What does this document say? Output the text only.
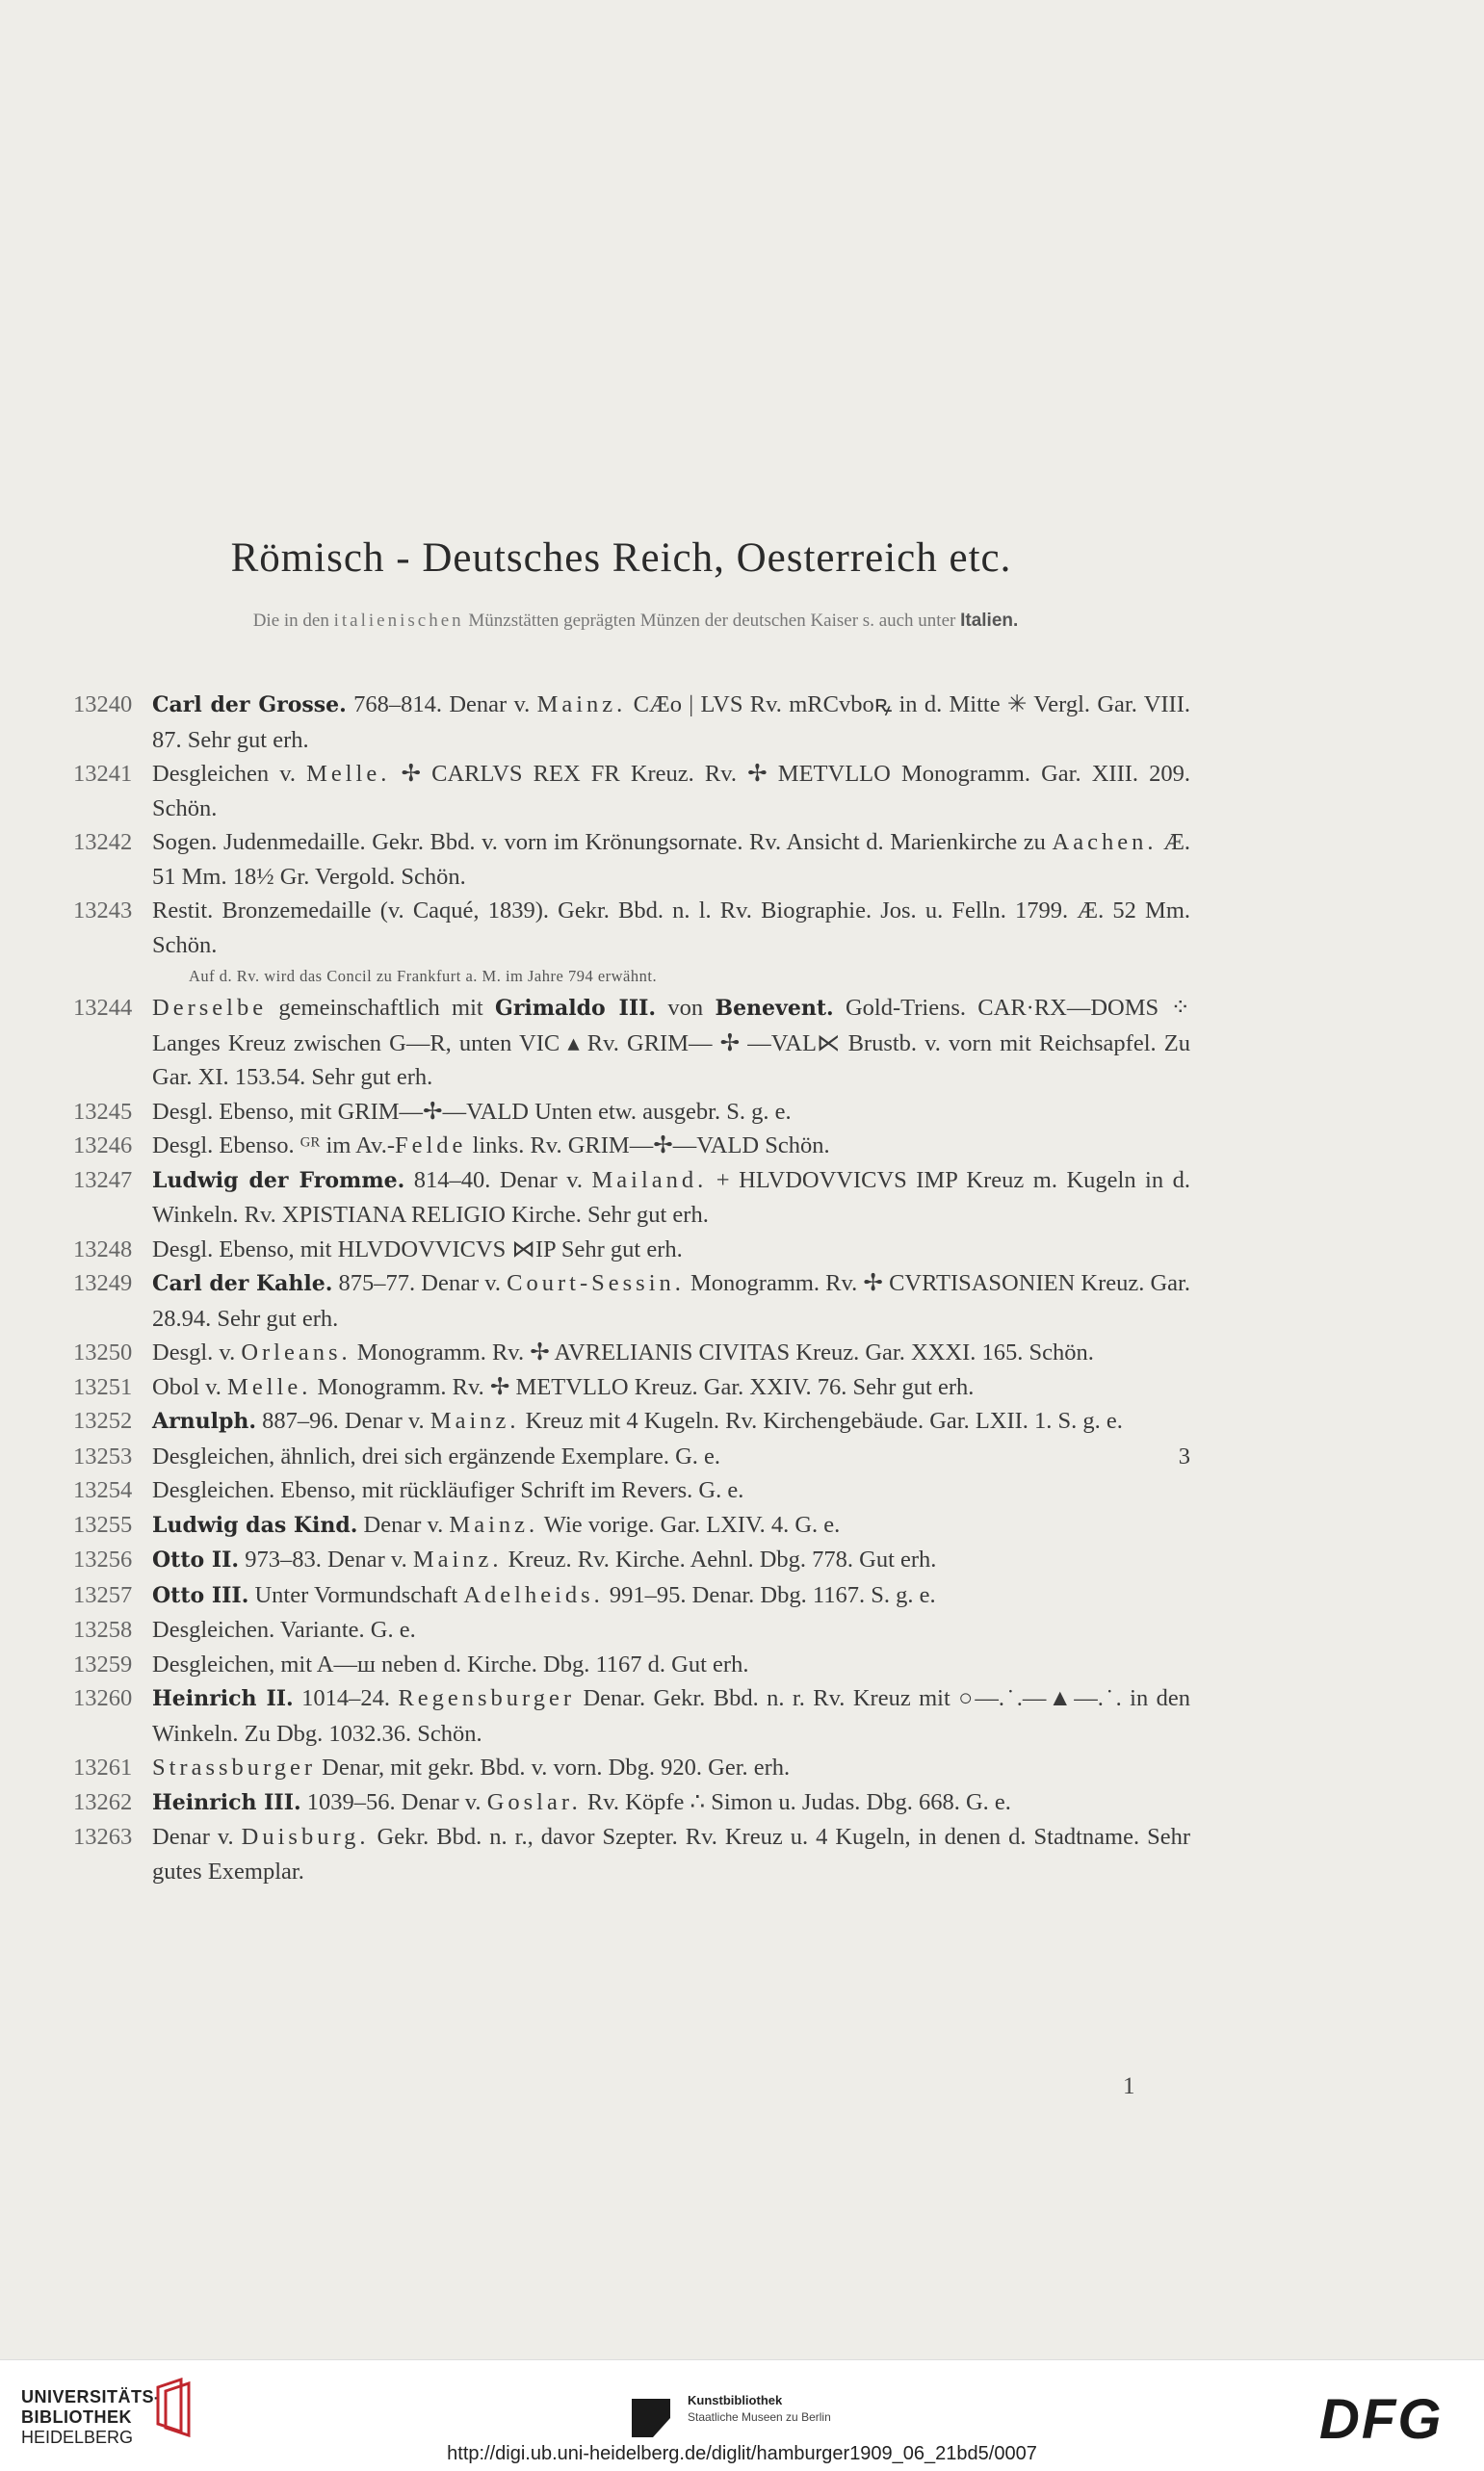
Römisch - Deutsches Reich, Oesterreich etc.
Die in den italienischen Münzstätten geprägten Münzen der deutschen Kaiser s. auch unter Italien.
13240 Carl der Grosse. 768–814. Denar v. Mainz. CÆo | LVS Rv. mRCvboꝶ in d. Mitte ✳ Vergl. Gar. VIII. 87. Sehr gut erh.
13241 Desgleichen v. Melle. ✢ CARLVS REX FR Kreuz. Rv. ✢ METVLLO Monogramm. Gar. XIII. 209. Schön.
13242 Sogen. Judenmedaille. Gekr. Bbd. v. vorn im Krönungsornate. Rv. Ansicht d. Marienkirche zu Aachen. Æ. 51 Mm. 18½ Gr. Vergold. Schön.
13243 Restit. Bronzemedaille (v. Caqué, 1839). Gekr. Bbd. n. l. Rv. Biographie. Jos. u. Felln. 1799. Æ. 52 Mm. Schön.
Auf d. Rv. wird das Concil zu Frankfurt a. M. im Jahre 794 erwähnt.
13244 Derselbe gemeinschaftlich mit Grimaldo III. von Benevent. Gold-Triens. CAR·RX—DOMS ⁘ Langes Kreuz zwischen G—R, unten VIC ▴ Rv. GRIM— ✢ —VAL⋉ Brustb. v. vorn mit Reichsapfel. Zu Gar. XI. 153.54. Sehr gut erh.
13245 Desgl. Ebenso, mit GRIM—✢—VALD Unten etw. ausgebr. S. g. e.
13246 Desgl. Ebenso. ᴳᴿ im Av.-Felde links. Rv. GRIM—✢—VALD Schön.
13247 Ludwig der Fromme. 814–40. Denar v. Mailand. + HLVDOVVICVS IMP Kreuz m. Kugeln in d. Winkeln. Rv. XPISTIANA RELIGIO Kirche. Sehr gut erh.
13248 Desgl. Ebenso, mit HLVDOVVICVS ⋈IP Sehr gut erh.
13249 Carl der Kahle. 875–77. Denar v. Court-Sessin. Monogramm. Rv. ✢ CVRTISASONIEN Kreuz. Gar. 28.94. Sehr gut erh.
13250 Desgl. v. Orleans. Monogramm. Rv. ✢ AVRELIANIS CIVITAS Kreuz. Gar. XXXI. 165. Schön.
13251 Obol v. Melle. Monogramm. Rv. ✢ METVLLO Kreuz. Gar. XXIV. 76. Sehr gut erh.
13252 Arnulph. 887–96. Denar v. Mainz. Kreuz mit 4 Kugeln. Rv. Kirchengebäude. Gar. LXII. 1. S. g. e.
13253	3
Desgleichen, ähnlich, drei sich ergänzende Exemplare. G. e.
13254 Desgleichen. Ebenso, mit rückläufiger Schrift im Revers. G. e.
13255 Ludwig das Kind. Denar v. Mainz. Wie vorige. Gar. LXIV. 4. G. e.
13256 Otto II. 973–83. Denar v. Mainz. Kreuz. Rv. Kirche. Aehnl. Dbg. 778. Gut erh.
13257 Otto III. Unter Vormundschaft Adelheids. 991–95. Denar. Dbg. 1167. S. g. e.
13258 Desgleichen. Variante. G. e.
13259 Desgleichen, mit A—ш neben d. Kirche. Dbg. 1167 d. Gut erh.
13260 Heinrich II. 1014–24. Regensburger Denar. Gekr. Bbd. n. r. Rv. Kreuz mit ○—.˙.—▲—.˙. in den Winkeln. Zu Dbg. 1032.36. Schön.
13261 Strassburger Denar, mit gekr. Bbd. v. vorn. Dbg. 920. Ger. erh.
13262 Heinrich III. 1039–56. Denar v. Goslar. Rv. Köpfe ∴ Simon u. Judas. Dbg. 668. G. e.
13263 Denar v. Duisburg. Gekr. Bbd. n. r., davor Szepter. Rv. Kreuz u. 4 Kugeln, in denen d. Stadtname. Sehr gutes Exemplar.
1
UNIVERSITÄTS-
BIBLIOTHEK
HEIDELBERG
Kunstbibliothek
Staatliche Museen zu Berlin	DFG
http://digi.ub.uni-heidelberg.de/diglit/hamburger1909_06_21bd5/0007
